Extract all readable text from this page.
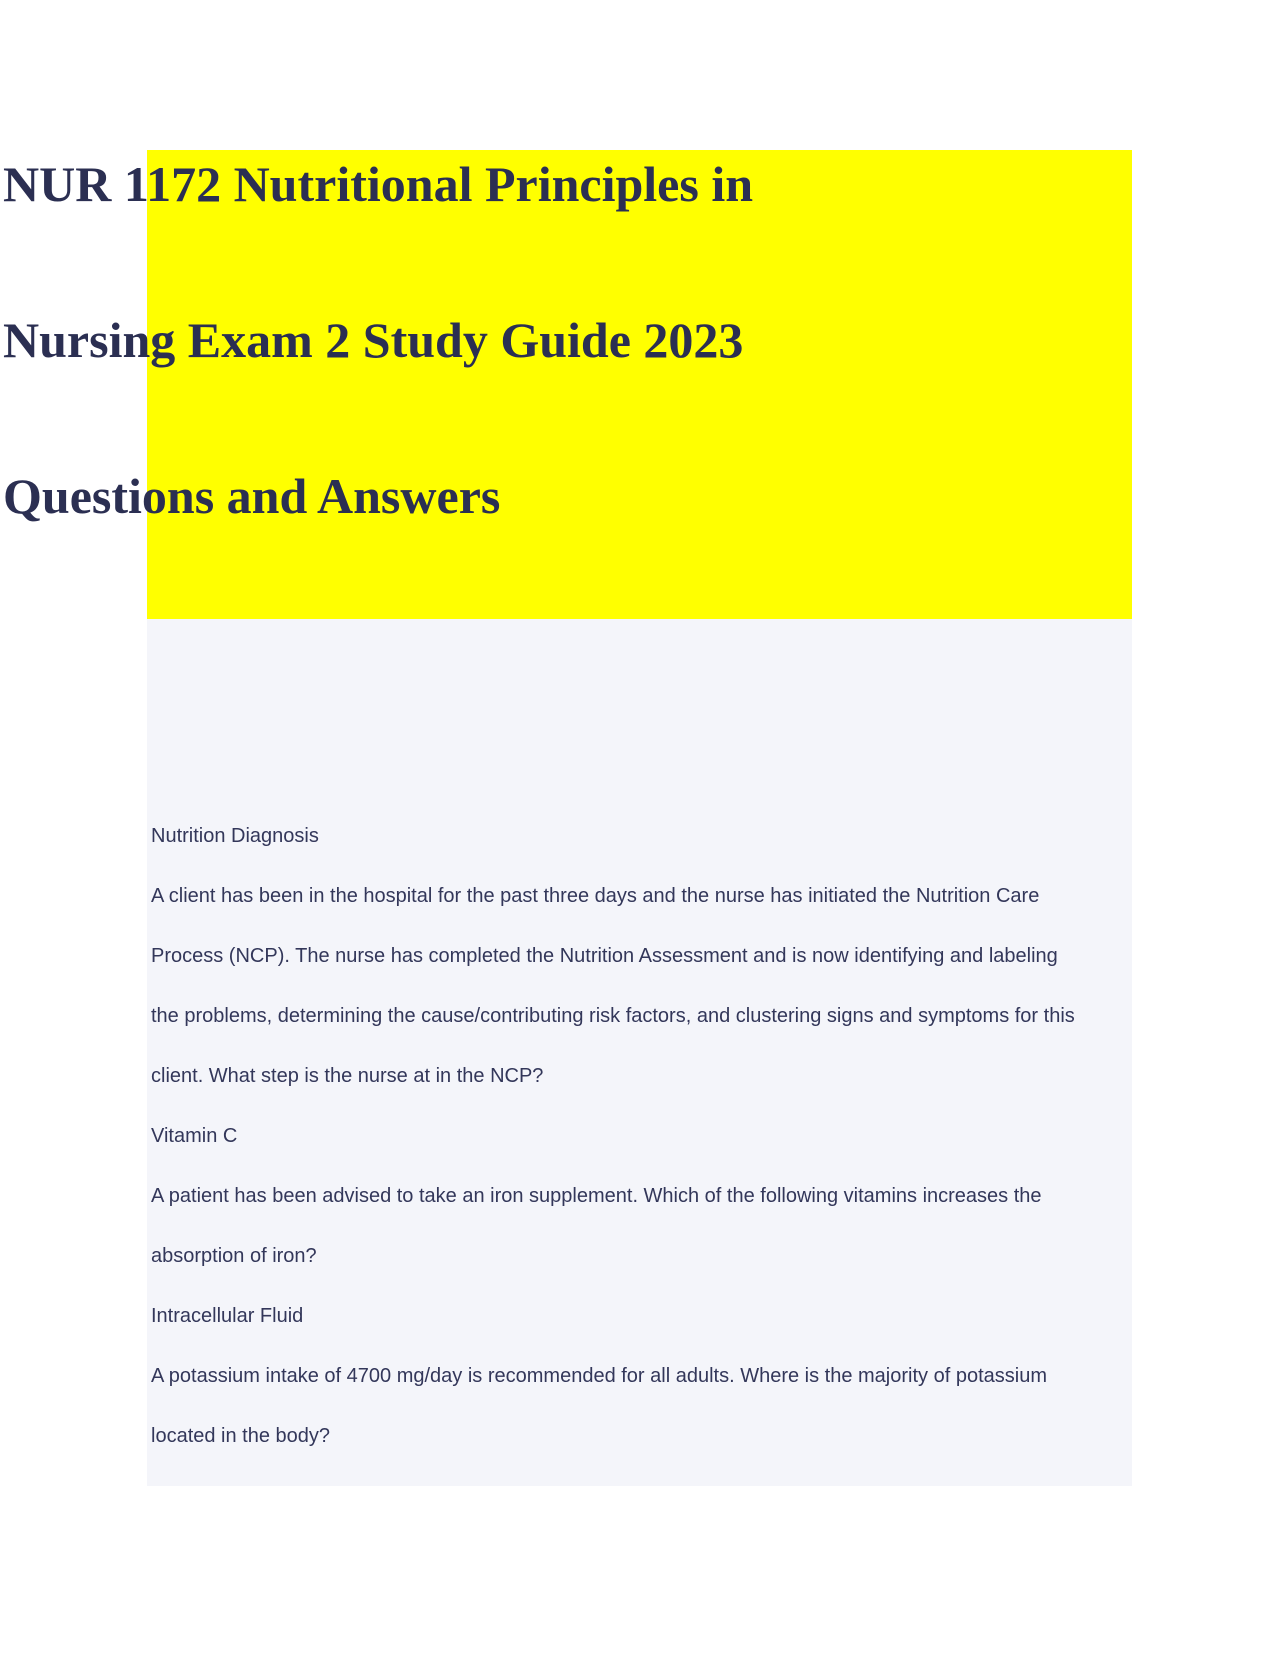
NUR 1172 Nutritional Principles in
Nursing Exam 2 Study Guide 2023
Questions and Answers

Nutrition Diagnosis

A client has been in the hospital for the past three days and the nurse has initiated the Nutrition Care

Process (NCP). The nurse has completed the Nutrition Assessment and is now identifying and labeling

the problems, determining the cause/contributing risk factors, and clustering signs and symptoms for this

client. What step is the nurse at in the NCP?

Vitamin C

A patient has been advised to take an iron supplement. Which of the following vitamins increases the

absorption of iron?

Intracellular Fluid

A potassium intake of 4700 mg/day is recommended for all adults. Where is the majority of potassium

located in the body?
